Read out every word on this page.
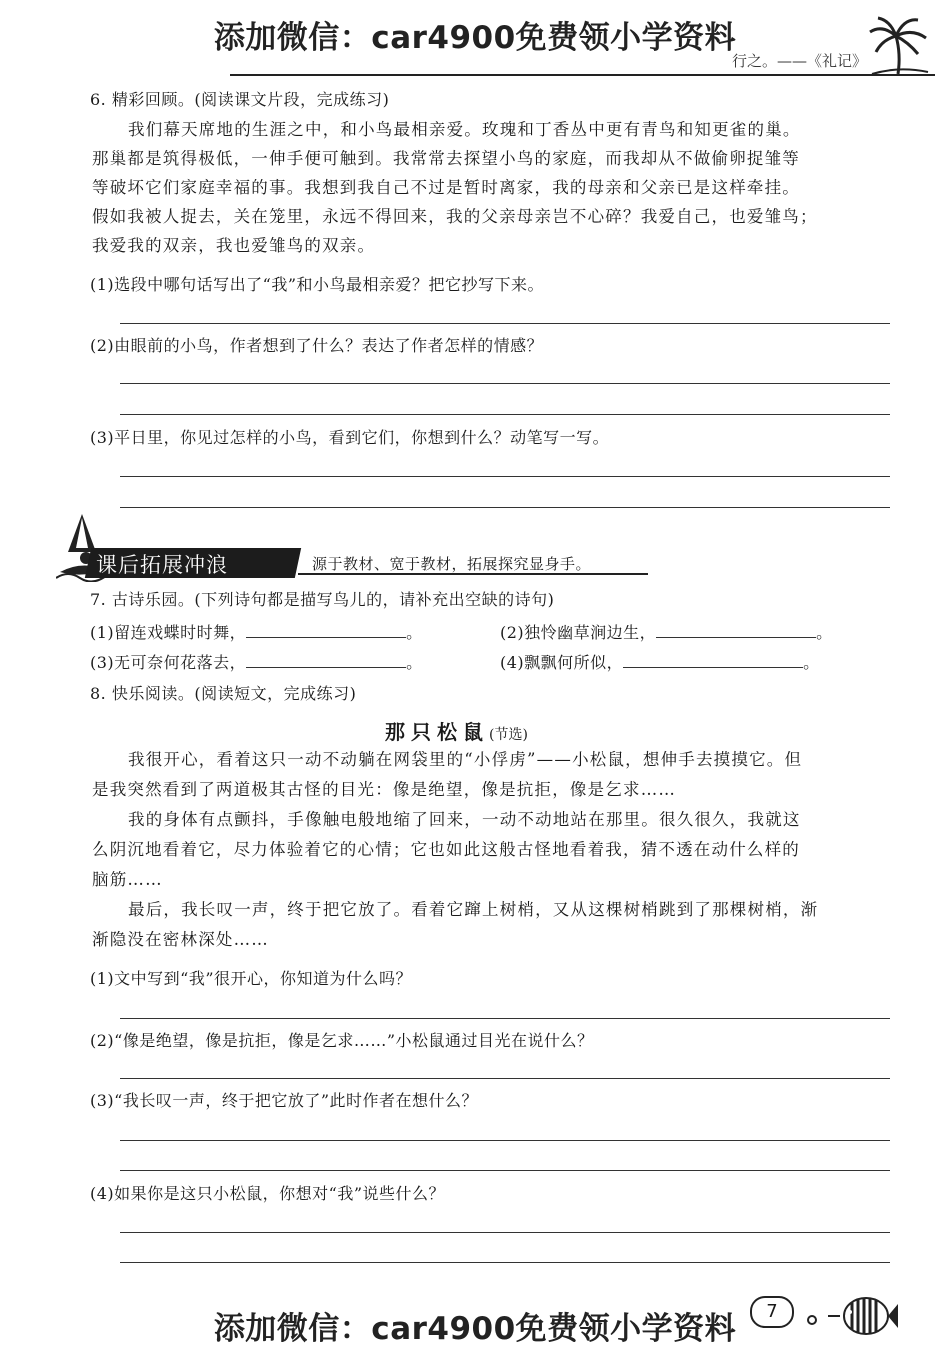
添加微信：car4900免费领小学资料
行之。——《礼记》
6. 精彩回顾。(阅读课文片段，完成练习)
我们幕天席地的生涯之中，和小鸟最相亲爱。玫瑰和丁香丛中更有青鸟和知更雀的巢。
那巢都是筑得极低，一伸手便可触到。我常常去探望小鸟的家庭，而我却从不做偷卵捉雏等
等破坏它们家庭幸福的事。我想到我自己不过是暂时离家，我的母亲和父亲已是这样牵挂。
假如我被人捉去，关在笼里，永远不得回来，我的父亲母亲岂不心碎？我爱自己，也爱雏鸟；
我爱我的双亲，我也爱雏鸟的双亲。
(1)选段中哪句话写出了“我”和小鸟最相亲爱？把它抄写下来。
(2)由眼前的小鸟，作者想到了什么？表达了作者怎样的情感？
(3)平日里，你见过怎样的小鸟，看到它们，你想到什么？动笔写一写。
课后拓展冲浪	源于教材、宽于教材，拓展探究显身手。
7. 古诗乐园。(下列诗句都是描写鸟儿的，请补充出空缺的诗句)
(1)留连戏蝶时时舞，	。	(2)独怜幽草涧边生，	。
(3)无可奈何花落去，	。	(4)飘飘何所似，	。
8. 快乐阅读。(阅读短文，完成练习)
那只松鼠(节选)
我很开心，看着这只一动不动躺在网袋里的“小俘虏”——小松鼠，想伸手去摸摸它。但
是我突然看到了两道极其古怪的目光：像是绝望，像是抗拒，像是乞求……
我的身体有点颤抖，手像触电般地缩了回来，一动不动地站在那里。很久很久，我就这
么阴沉地看着它，尽力体验着它的心情；它也如此这般古怪地看着我，猜不透在动什么样的
脑筋……
最后，我长叹一声，终于把它放了。看着它蹿上树梢，又从这棵树梢跳到了那棵树梢，渐
渐隐没在密林深处……
(1)文中写到“我”很开心，你知道为什么吗？
(2)“像是绝望，像是抗拒，像是乞求……”小松鼠通过目光在说什么？
(3)“我长叹一声，终于把它放了”此时作者在想什么？
(4)如果你是这只小松鼠，你想对“我”说些什么？
添加微信：car4900免费领小学资料	7
